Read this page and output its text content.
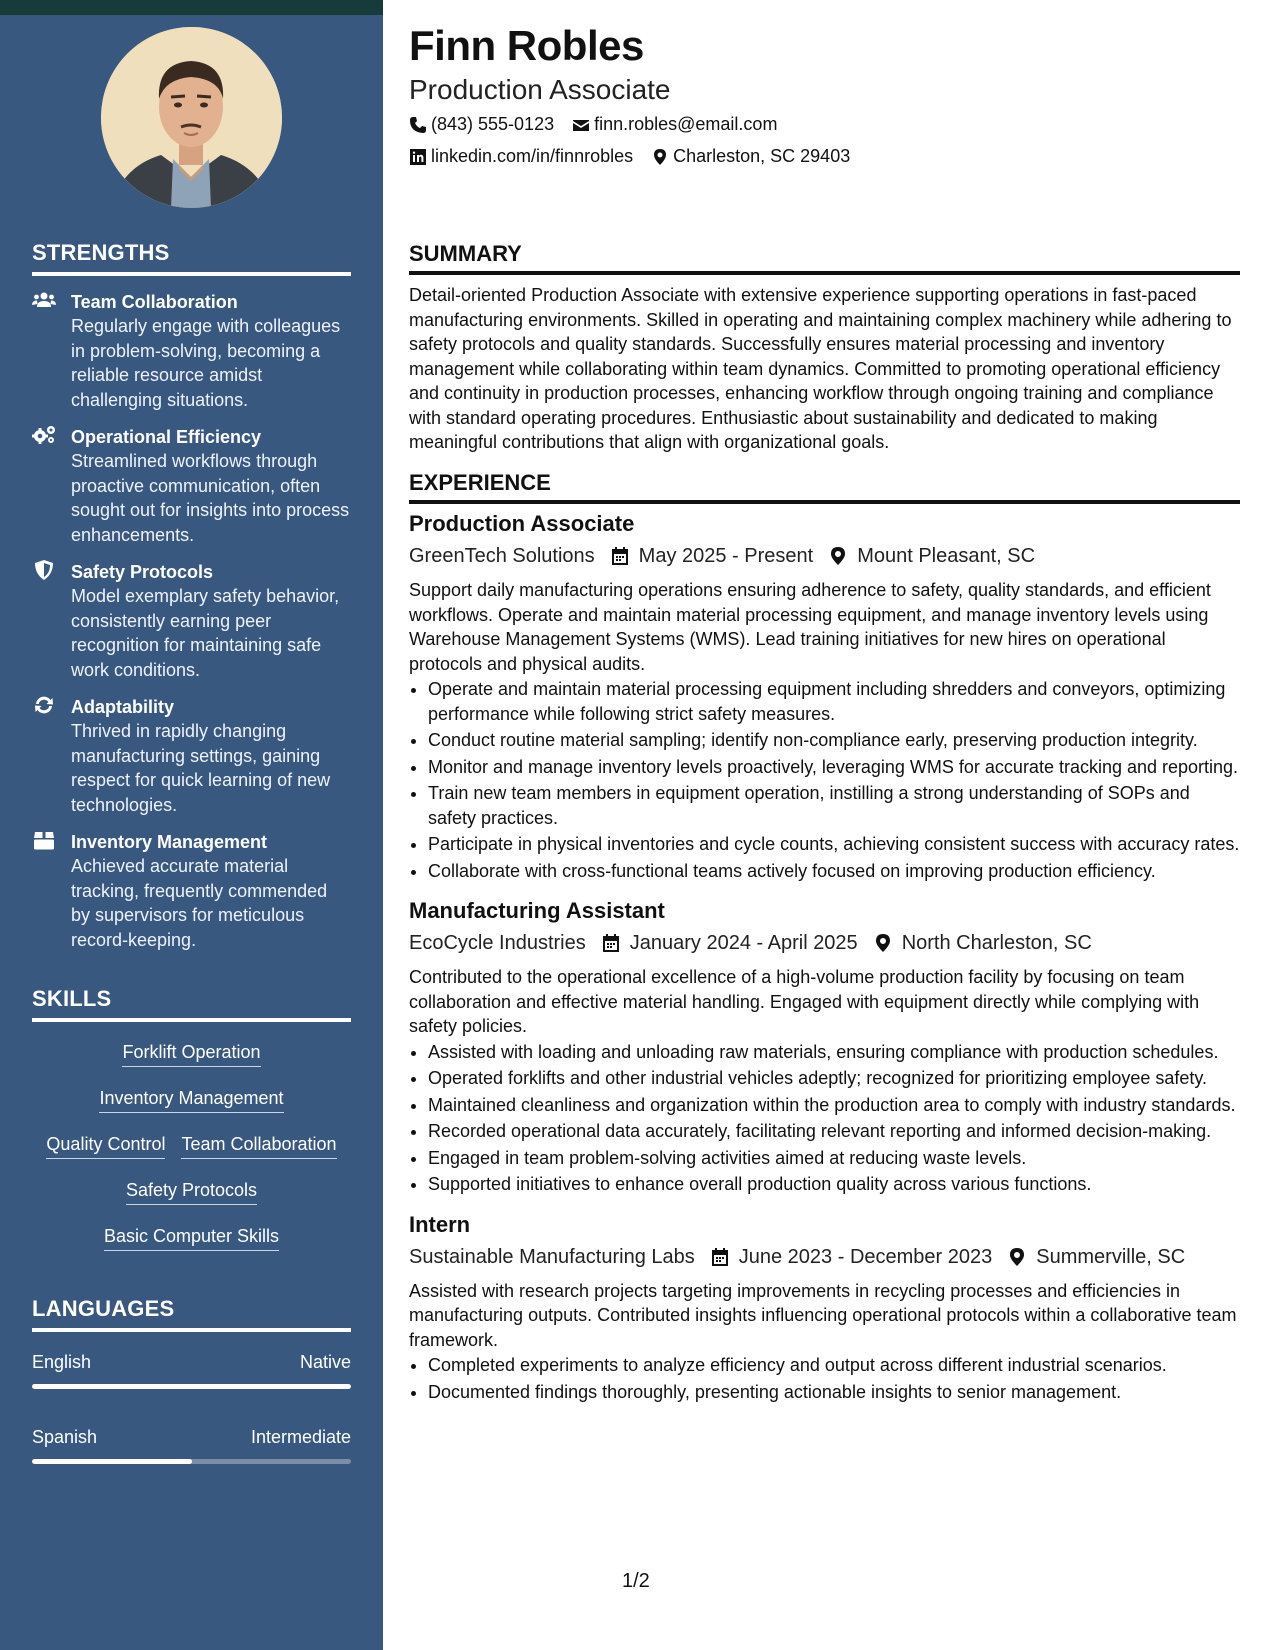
STRENGTHS
Team Collaboration
Regularly engage with colleagues in problem-solving, becoming a reliable resource amidst challenging situations.
Operational Efficiency
Streamlined workflows through proactive communication, often sought out for insights into process enhancements.
Safety Protocols
Model exemplary safety behavior, consistently earning peer recognition for maintaining safe work conditions.
Adaptability
Thrived in rapidly changing manufacturing settings, gaining respect for quick learning of new technologies.
Inventory Management
Achieved accurate material tracking, frequently commended by supervisors for meticulous record-keeping.
SKILLS
Forklift Operation
Inventory Management
Quality Control Team Collaboration
Safety Protocols
Basic Computer Skills
LANGUAGES
English	Native
Spanish	Intermediate
Finn Robles
Production Associate
(843) 555-0123 finn.robles@email.com
linkedin.com/in/finnrobles Charleston, SC 29403
SUMMARY
Detail-oriented Production Associate with extensive experience supporting operations in fast-paced manufacturing environments. Skilled in operating and maintaining complex machinery while adhering to safety protocols and quality standards. Successfully ensures material processing and inventory management while collaborating within team dynamics. Committed to promoting operational efficiency and continuity in production processes, enhancing workflow through ongoing training and compliance with standard operating procedures. Enthusiastic about sustainability and dedicated to making meaningful contributions that align with organizational goals.
EXPERIENCE
Production Associate
GreenTech Solutions May 2025 - Present Mount Pleasant, SC
Support daily manufacturing operations ensuring adherence to safety, quality standards, and efficient workflows. Operate and maintain material processing equipment, and manage inventory levels using Warehouse Management Systems (WMS). Lead training initiatives for new hires on operational protocols and physical audits.
• Operate and maintain material processing equipment including shredders and conveyors, optimizing performance while following strict safety measures.
• Conduct routine material sampling; identify non-compliance early, preserving production integrity.
• Monitor and manage inventory levels proactively, leveraging WMS for accurate tracking and reporting.
• Train new team members in equipment operation, instilling a strong understanding of SOPs and safety practices.
• Participate in physical inventories and cycle counts, achieving consistent success with accuracy rates.
• Collaborate with cross-functional teams actively focused on improving production efficiency.
Manufacturing Assistant
EcoCycle Industries January 2024 - April 2025 North Charleston, SC
Contributed to the operational excellence of a high-volume production facility by focusing on team collaboration and effective material handling. Engaged with equipment directly while complying with safety policies.
• Assisted with loading and unloading raw materials, ensuring compliance with production schedules.
• Operated forklifts and other industrial vehicles adeptly; recognized for prioritizing employee safety.
• Maintained cleanliness and organization within the production area to comply with industry standards.
• Recorded operational data accurately, facilitating relevant reporting and informed decision-making.
• Engaged in team problem-solving activities aimed at reducing waste levels.
• Supported initiatives to enhance overall production quality across various functions.
Intern
Sustainable Manufacturing Labs June 2023 - December 2023 Summerville, SC
Assisted with research projects targeting improvements in recycling processes and efficiencies in manufacturing outputs. Contributed insights influencing operational protocols within a collaborative team framework.
• Completed experiments to analyze efficiency and output across different industrial scenarios.
• Documented findings thoroughly, presenting actionable insights to senior management.
1/2
